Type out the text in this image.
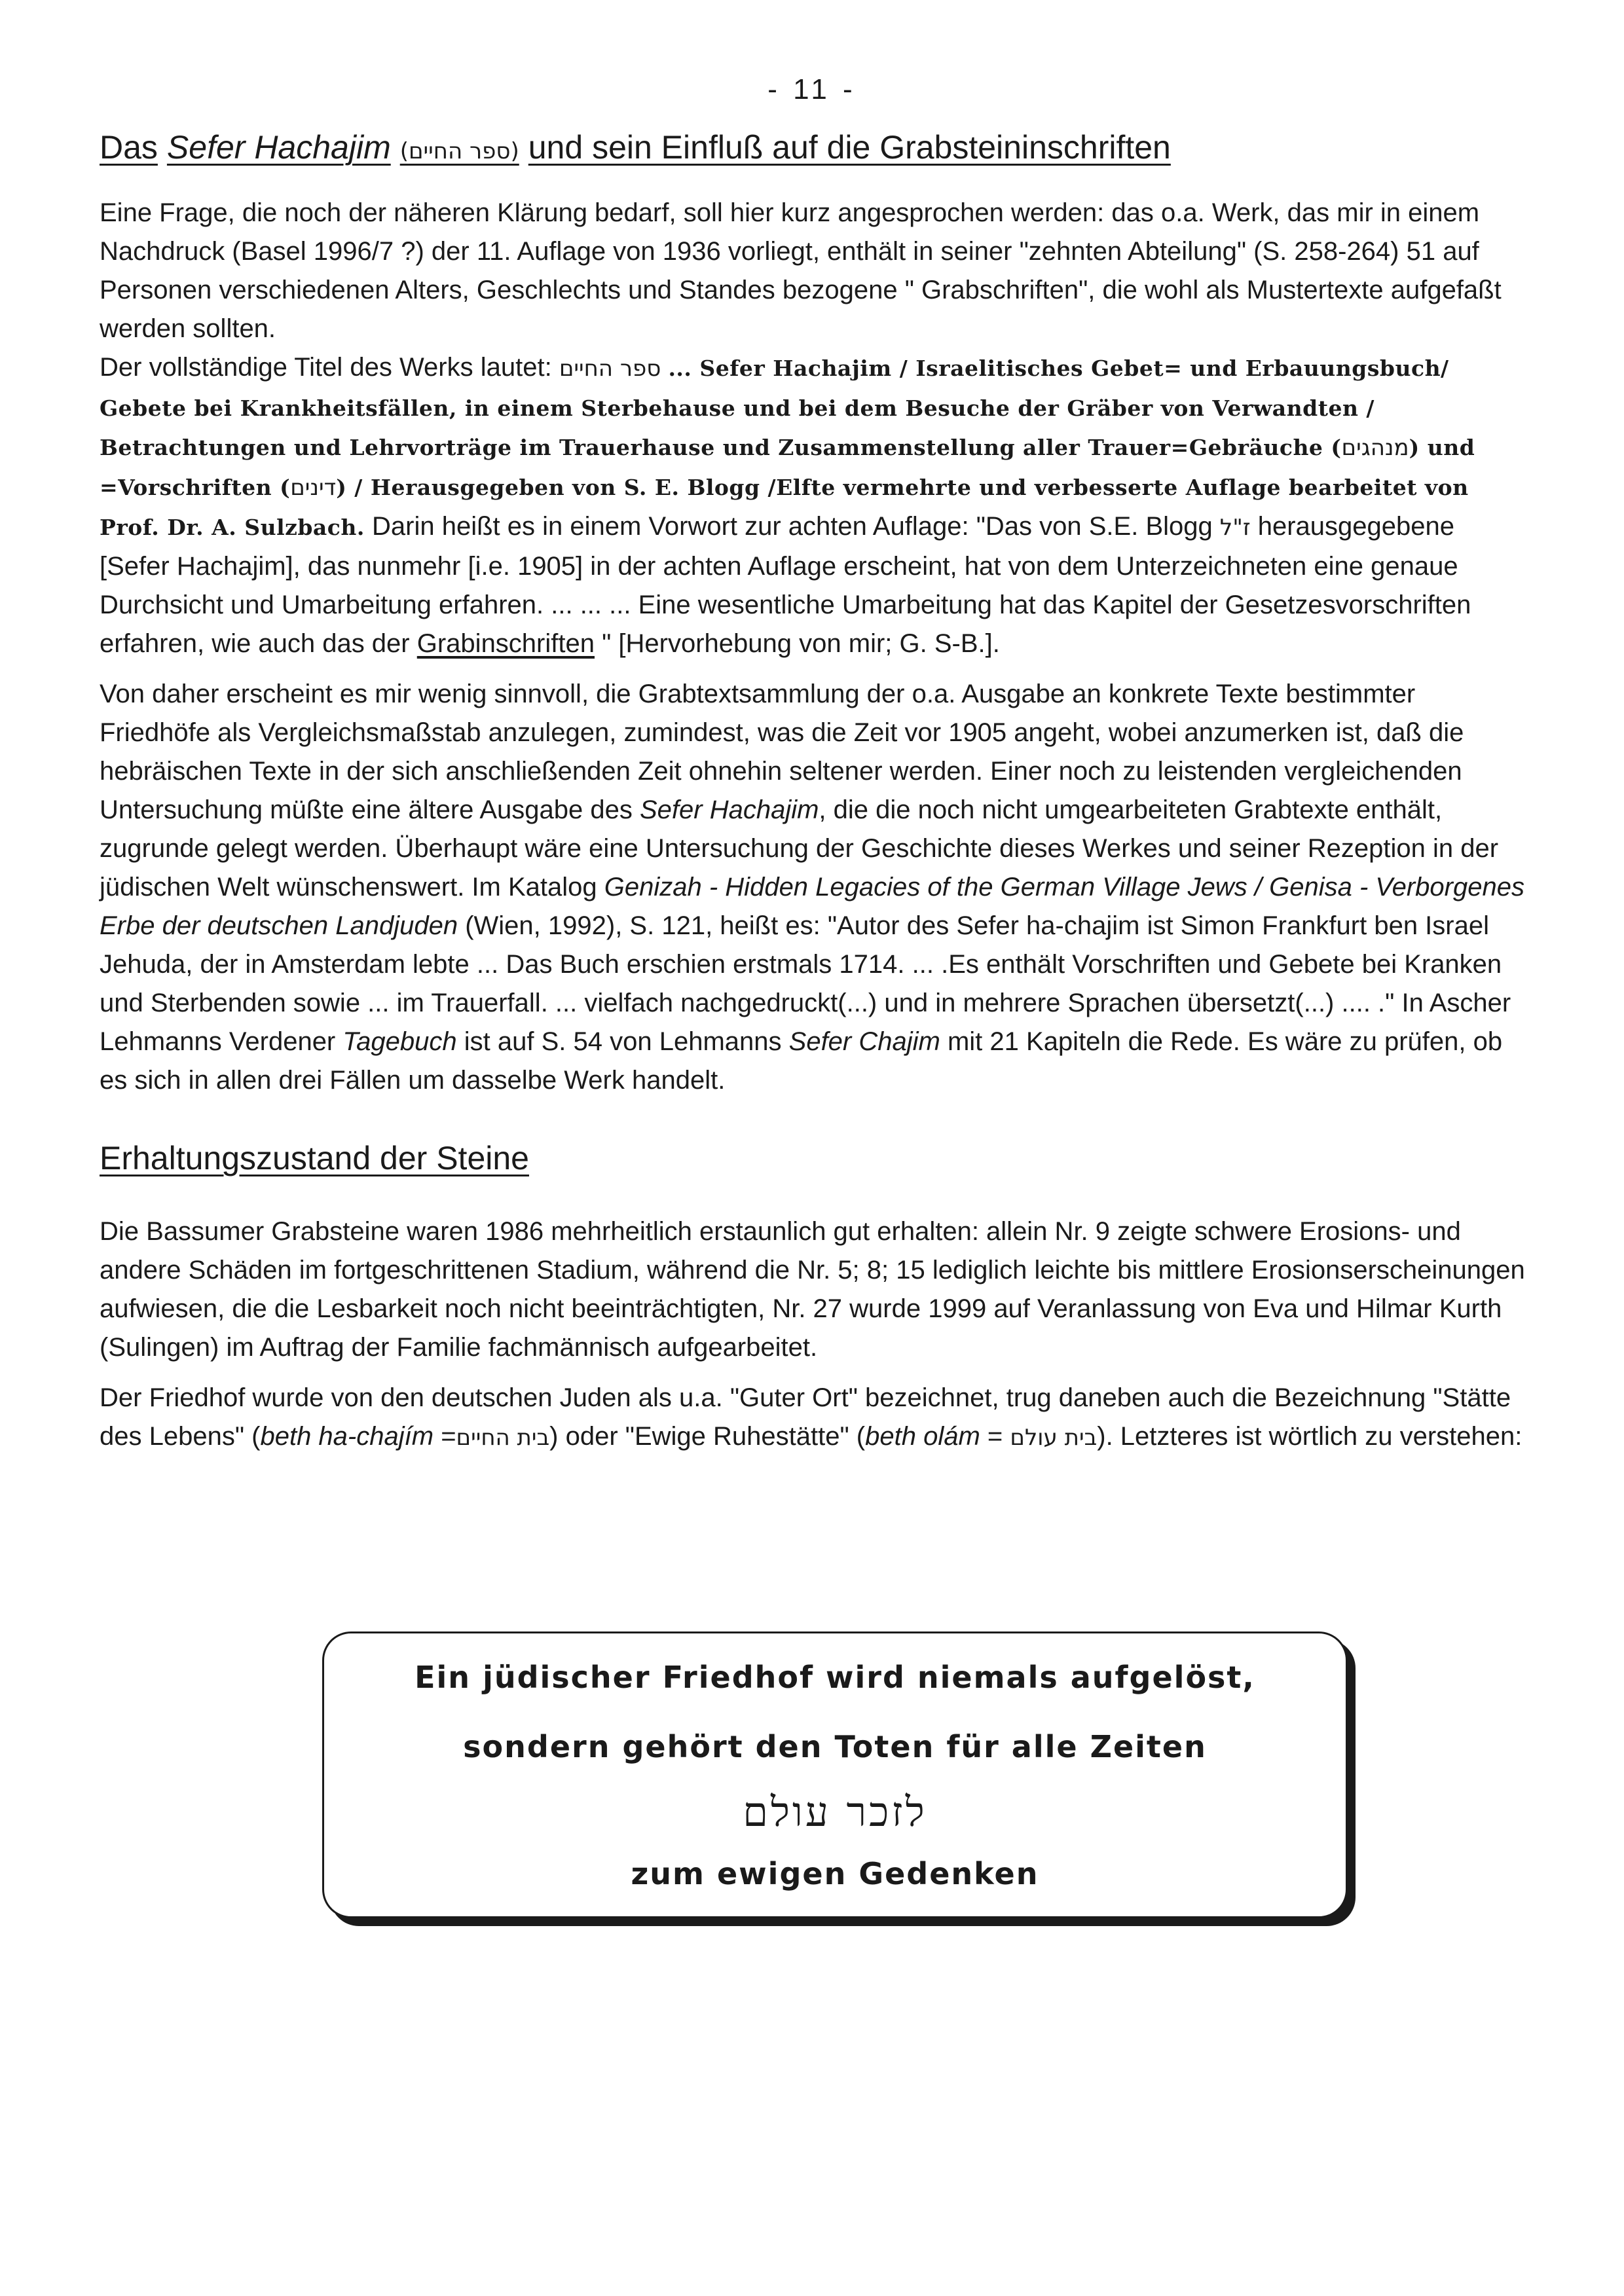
- 11 -
Das Sefer Hachajim (ספר החיים) und sein Einfluß auf die Grabsteininschriften

Eine Frage, die noch der näheren Klärung bedarf, soll hier kurz angesprochen werden: das o.a. Werk, das mir in einem Nachdruck (Basel 1996/7 ?) der 11. Auflage von 1936 vorliegt, enthält in seiner "zehnten Abteilung" (S. 258-264) 51 auf Personen verschiedenen Alters, Geschlechts und Standes bezogene " Grabschriften", die wohl als Mustertexte aufgefaßt werden sollten.
Der vollständige Titel des Werks lautet: ספר החיים ... Sefer Hachajim / Israelitisches Gebet= und Erbauungsbuch/ Gebete bei Krankheitsfällen, in einem Sterbehause und bei dem Besuche der Gräber von Verwandten / Betrachtungen und Lehrvorträge im Trauerhause und Zusammenstellung aller Trauer=Gebräuche (מנהגים) und =Vorschriften (דינים) / Herausgegeben von S. E. Blogg /Elfte vermehrte und verbesserte Auflage bearbeitet von Prof. Dr. A. Sulzbach. Darin heißt es in einem Vorwort zur achten Auflage: "Das von S.E. Blogg ז"ל herausgegebene [Sefer Hachajim], das nunmehr [i.e. 1905] in der achten Auflage erscheint, hat von dem Unterzeichneten eine genaue Durchsicht und Umarbeitung erfahren. ... ... ... Eine wesentliche Umarbeitung hat das Kapitel der Gesetzesvorschriften erfahren, wie auch das der Grabinschriften " [Hervorhebung von mir; G. S-B.].

Von daher erscheint es mir wenig sinnvoll, die Grabtextsammlung der o.a. Ausgabe an konkrete Texte bestimmter Friedhöfe als Vergleichsmaßstab anzulegen, zumindest, was die Zeit vor 1905 angeht, wobei anzumerken ist, daß die hebräischen Texte in der sich anschließenden Zeit ohnehin seltener werden. Einer noch zu leistenden vergleichenden Untersuchung müßte eine ältere Ausgabe des Sefer Hachajim, die die noch nicht umgearbeiteten Grabtexte enthält, zugrunde gelegt werden. Überhaupt wäre eine Untersuchung der Geschichte dieses Werkes und seiner Rezeption in der jüdischen Welt wünschenswert. Im Katalog Genizah - Hidden Legacies of the German Village Jews / Genisa - Verborgenes Erbe der deutschen Landjuden (Wien, 1992), S. 121, heißt es: "Autor des Sefer ha-chajim ist Simon Frankfurt ben Israel Jehuda, der in Amsterdam lebte ... Das Buch erschien erstmals 1714. ... .Es enthält Vorschriften und Gebete bei Kranken und Sterbenden sowie ... im Trauerfall. ... vielfach nachgedruckt(...) und in mehrere Sprachen übersetzt(...) .... ." In Ascher Lehmanns Verdener Tagebuch ist auf S. 54 von Lehmanns Sefer Chajim mit 21 Kapiteln die Rede. Es wäre zu prüfen, ob es sich in allen drei Fällen um dasselbe Werk handelt.

Erhaltungszustand der Steine

Die Bassumer Grabsteine waren 1986 mehrheitlich erstaunlich gut erhalten: allein Nr. 9 zeigte schwere Erosions- und andere Schäden im fortgeschrittenen Stadium, während die Nr. 5; 8; 15 lediglich leichte bis mittlere Erosionserscheinungen aufwiesen, die die Lesbarkeit noch nicht beeinträchtigten, Nr. 27 wurde 1999 auf Veranlassung von Eva und Hilmar Kurth (Sulingen) im Auftrag der Familie fachmännisch aufgearbeitet.

Der Friedhof wurde von den deutschen Juden als u.a. "Guter Ort" bezeichnet, trug daneben auch die Bezeichnung "Stätte des Lebens" (beth ha-chajím =בית החיים) oder "Ewige Ruhestätte" (beth olám = בית עולם). Letzteres ist wörtlich zu verstehen:

Ein jüdischer Friedhof wird niemals aufgelöst,
sondern gehört den Toten für alle Zeiten
לזכר עולם
zum ewigen Gedenken
